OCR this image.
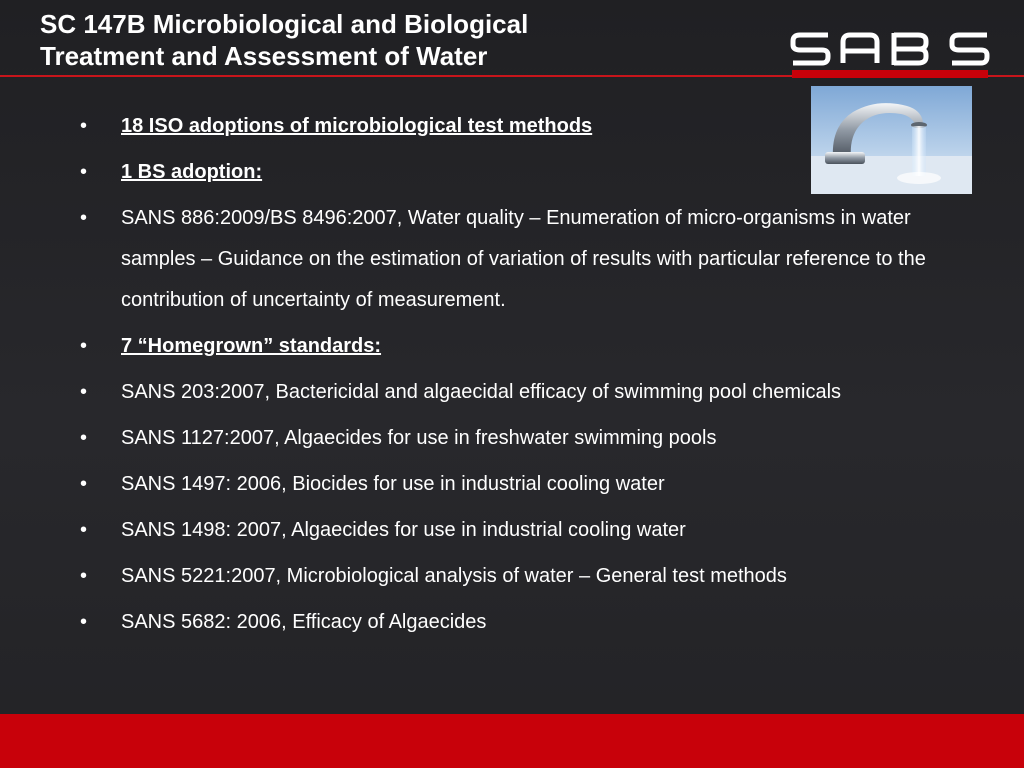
SC 147B Microbiological and Biological
Treatment and Assessment of Water
•	18 ISO adoptions of microbiological test methods
•	1 BS adoption:
•	SANS 886:2009/BS 8496:2007, Water quality – Enumeration of micro-organisms in water samples – Guidance on the estimation of variation of results with particular reference to the contribution of uncertainty of measurement.
•	7 “Homegrown” standards:
•	SANS 203:2007, Bactericidal and algaecidal efficacy of swimming pool chemicals
•	SANS 1127:2007, Algaecides for use in freshwater swimming pools
•	SANS 1497: 2006, Biocides for use in industrial cooling water
•	SANS 1498: 2007, Algaecides for use in industrial cooling water
•	SANS 5221:2007, Microbiological analysis of water – General test methods
•	SANS 5682: 2006, Efficacy of Algaecides
